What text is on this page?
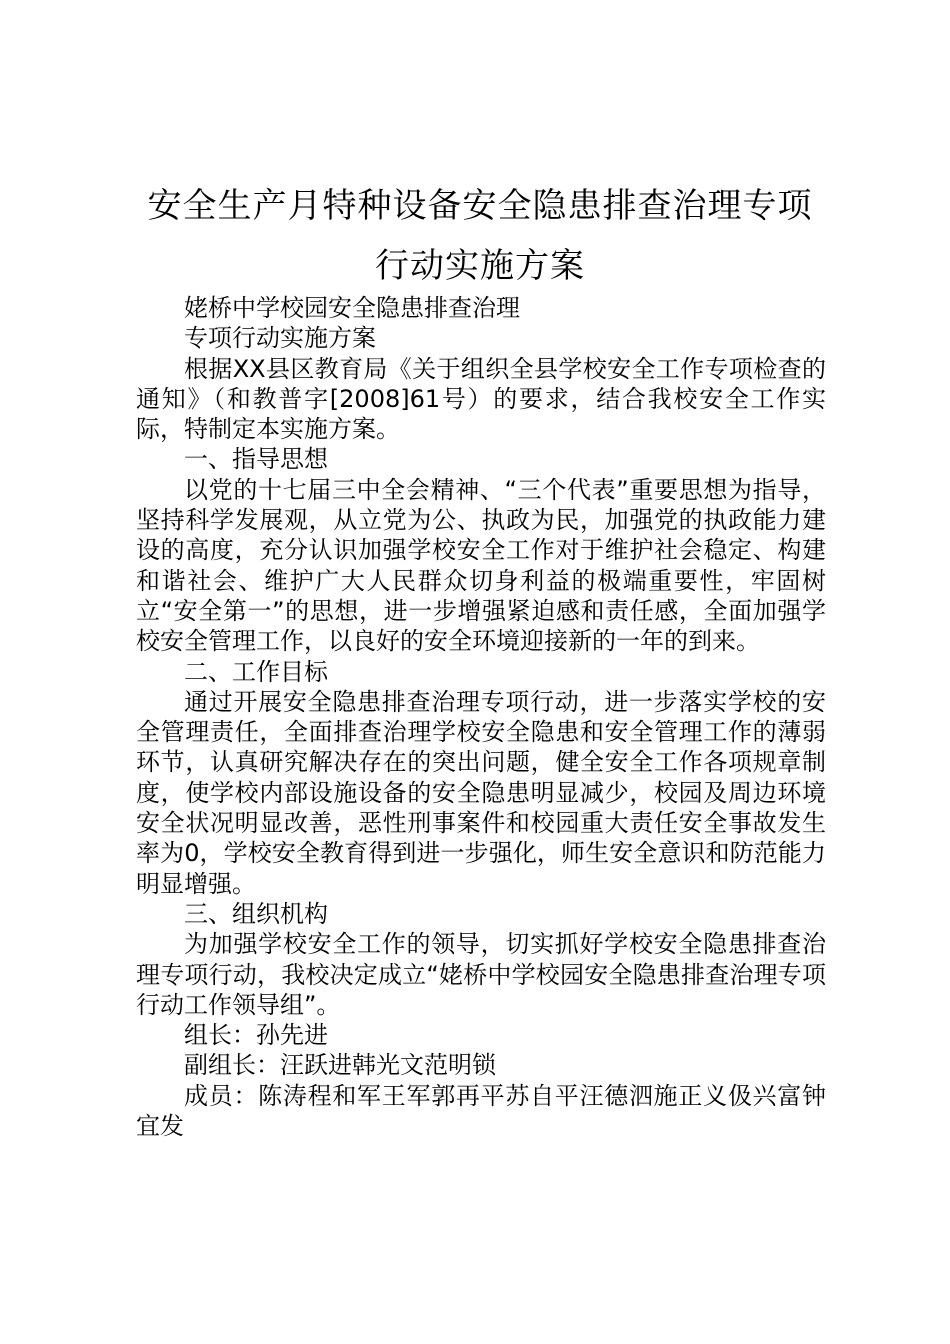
安全生产月特种设备安全隐患排查治理专项
行动实施方案

姥桥中学校园安全隐患排查治理

专项行动实施方案

根据XX县区教育局《关于组织全县学校安全工作专项检查的通知》（和教普字[2008]61号）的要求，结合我校安全工作实际，特制定本实施方案。

一、指导思想

以党的十七届三中全会精神、“三个代表”重要思想为指导，坚持科学发展观，从立党为公、执政为民，加强党的执政能力建设的高度，充分认识加强学校安全工作对于维护社会稳定、构建和谐社会、维护广大人民群众切身利益的极端重要性，牢固树立“安全第一”的思想，进一步增强紧迫感和责任感，全面加强学校安全管理工作，以良好的安全环境迎接新的一年的到来。

二、工作目标

通过开展安全隐患排查治理专项行动，进一步落实学校的安全管理责任，全面排查治理学校安全隐患和安全管理工作的薄弱环节，认真研究解决存在的突出问题，健全安全工作各项规章制度，使学校内部设施设备的安全隐患明显减少，校园及周边环境安全状况明显改善，恶性刑事案件和校园重大责任安全事故发生率为0，学校安全教育得到进一步强化，师生安全意识和防范能力明显增强。

三、组织机构

为加强学校安全工作的领导，切实抓好学校安全隐患排查治理专项行动，我校决定成立“姥桥中学校园安全隐患排查治理专项行动工作领导组”。

组长：孙先进

副组长：汪跃进韩光文范明锁

成员：陈涛程和军王军郭再平苏自平汪德泗施正义伋兴富钟宜发
